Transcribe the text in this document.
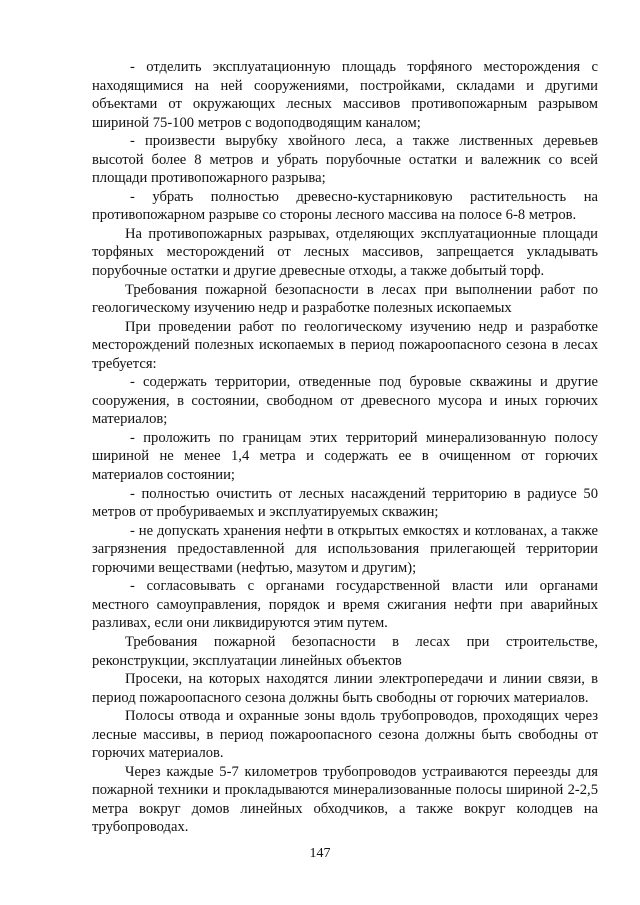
- отделить эксплуатационную площадь торфяного месторождения с находящимися на ней сооружениями, постройками, складами и другими объектами от окружающих лесных массивов противопожарным разрывом шириной 75-100 метров с водоподводящим каналом;

- произвести вырубку хвойного леса, а также лиственных деревьев высотой более 8 метров и убрать порубочные остатки и валежник со всей площади противопожарного разрыва;

- убрать полностью древесно-кустарниковую растительность на противопожарном разрыве со стороны лесного массива на полосе 6-8 метров.

На противопожарных разрывах, отделяющих эксплуатационные площади торфяных месторождений от лесных массивов, запрещается укладывать порубочные остатки и другие древесные отходы, а также добытый торф.

Требования пожарной безопасности в лесах при выполнении работ по геологическому изучению недр и разработке полезных ископаемых

При проведении работ по геологическому изучению недр и разработке месторождений полезных ископаемых в период пожароопасного сезона в лесах требуется:

- содержать территории, отведенные под буровые скважины и другие сооружения, в состоянии, свободном от древесного мусора и иных горючих материалов;

- проложить по границам этих территорий минерализованную полосу шириной не менее 1,4 метра и содержать ее в очищенном от горючих материалов состоянии;

- полностью очистить от лесных насаждений территорию в радиусе 50 метров от пробуриваемых и эксплуатируемых скважин;

- не допускать хранения нефти в открытых емкостях и котлованах, а также загрязнения предоставленной для использования прилегающей территории горючими веществами (нефтью, мазутом и другим);

- согласовывать с органами государственной власти или органами местного самоуправления, порядок и время сжигания нефти при аварийных разливах, если они ликвидируются этим путем.

Требования пожарной безопасности в лесах при строительстве, реконструкции, эксплуатации линейных объектов

Просеки, на которых находятся линии электропередачи и линии связи, в период пожароопасного сезона должны быть свободны от горючих материалов.

Полосы отвода и охранные зоны вдоль трубопроводов, проходящих через лесные массивы, в период пожароопасного сезона должны быть свободны от горючих материалов.

Через каждые 5-7 километров трубопроводов устраиваются переезды для пожарной техники и прокладываются минерализованные полосы шириной 2-2,5 метра вокруг домов линейных обходчиков, а также вокруг колодцев на трубопроводах.

147
